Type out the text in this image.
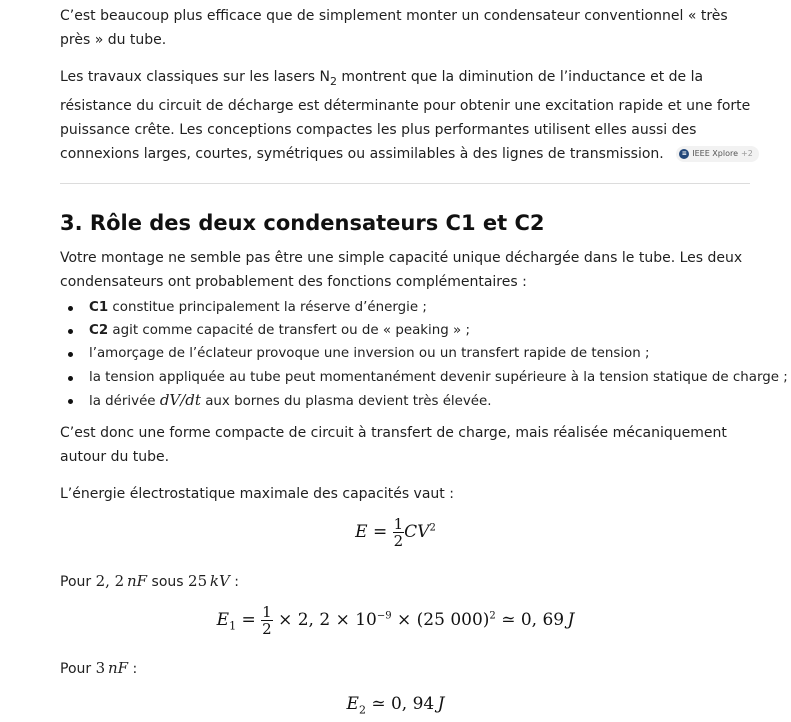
C’est beaucoup plus efficace que de simplement monter un condensateur conventionnel « très près » du tube.

Les travaux classiques sur les lasers $N_2$ montrent que la diminution de l’inductance et de la résistance du circuit de décharge est déterminante pour obtenir une excitation rapide et une forte puissance crête. Les conceptions compactes les plus performantes utilisent elles aussi des connexions larges, courtes, symétriques ou assimilables à des lignes de transmission.	≡ IEEE Xplore +2

3. Rôle des deux condensateurs C1 et C2

Votre montage ne semble pas être une simple capacité unique déchargée dans le tube. Les deux condensateurs ont probablement des fonctions complémentaires :

C1 constitue principalement la réserve d’énergie ;
C2 agit comme capacité de transfert ou de « peaking » ;
l’amorçage de l’éclateur provoque une inversion ou un transfert rapide de tension ;
la tension appliquée au tube peut momentanément devenir supérieure à la tension statique de charge ;
la dérivée dV/dt aux bornes du plasma devient très élevée.

C’est donc une forme compacte de circuit à transfert de charge, mais réalisée mécaniquement autour du tube.

L’énergie électrostatique maximale des capacités vaut :

$E = \frac{1}{2} CV^2$

Pour 2, 2  nF sous 25  kV :

$E_1 = \frac{1}{2} \times 2$, $2 \times 10^{-9} \times (25$ 000)$^2$ ≃ 0, 69  J

Pour 3  nF :

$E_2$ ≃ 0, 94  J
